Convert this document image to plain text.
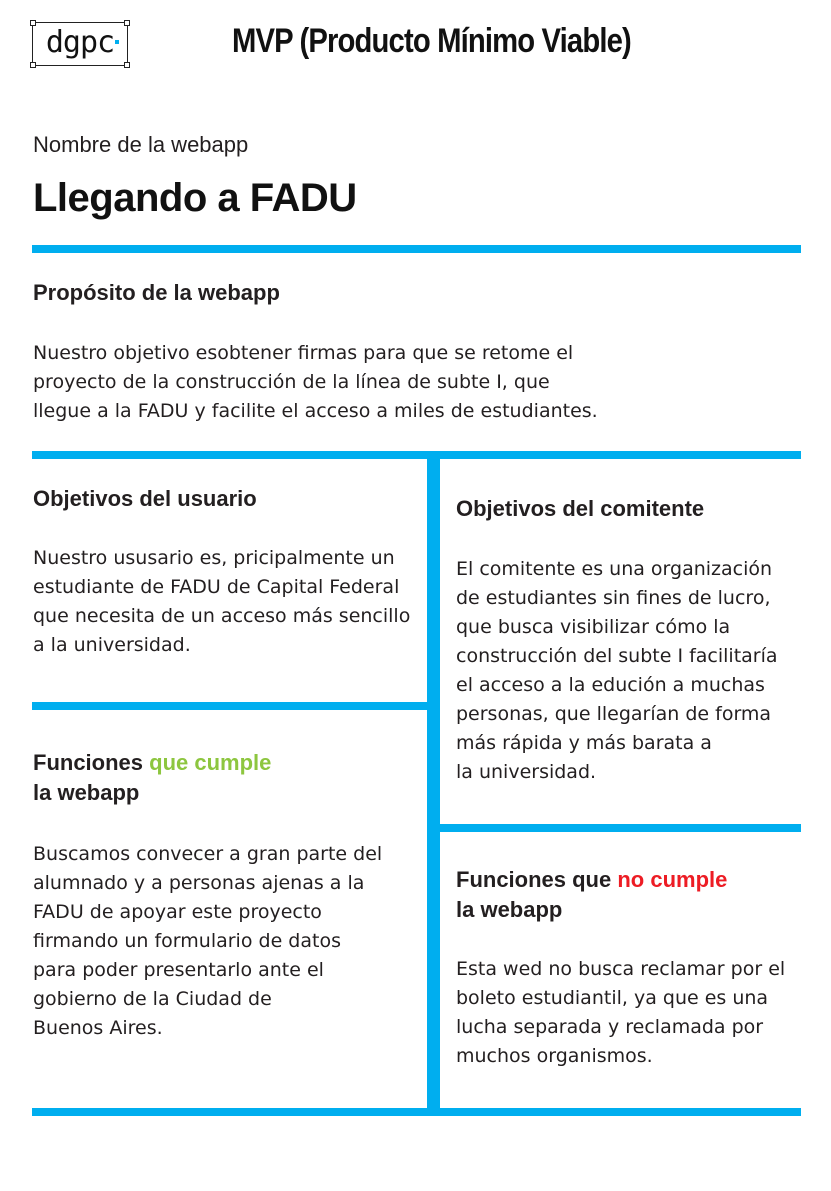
dgpc	MVP (Producto Mínimo Viable)
Nombre de la webapp
Llegando a FADU
Propósito de la webapp
Nuestro objetivo esobtener firmas para que se retome el
proyecto de la construcción de la línea de subte I, que
llegue a la FADU y facilite el acceso a miles de estudiantes.
Objetivos del usuario
Nuestro ususario es, pricipalmente un
estudiante de FADU de Capital Federal
que necesita de un acceso más sencillo
a la universidad.
Objetivos del comitente
El comitente es una organización
de estudiantes sin fines de lucro,
que busca visibilizar cómo la
construcción del subte I facilitaría
el acceso a la edución a muchas
personas, que llegarían de forma
más rápida y más barata a
la universidad.
Funciones que cumple
la webapp
Buscamos convecer a gran parte del
alumnado y a personas ajenas a la
FADU de apoyar este proyecto
firmando un formulario de datos
para poder presentarlo ante el
gobierno de la Ciudad de
Buenos Aires.
Funciones que no cumple
la webapp
Esta wed no busca reclamar por el
boleto estudiantil, ya que es una
lucha separada y reclamada por
muchos organismos.
